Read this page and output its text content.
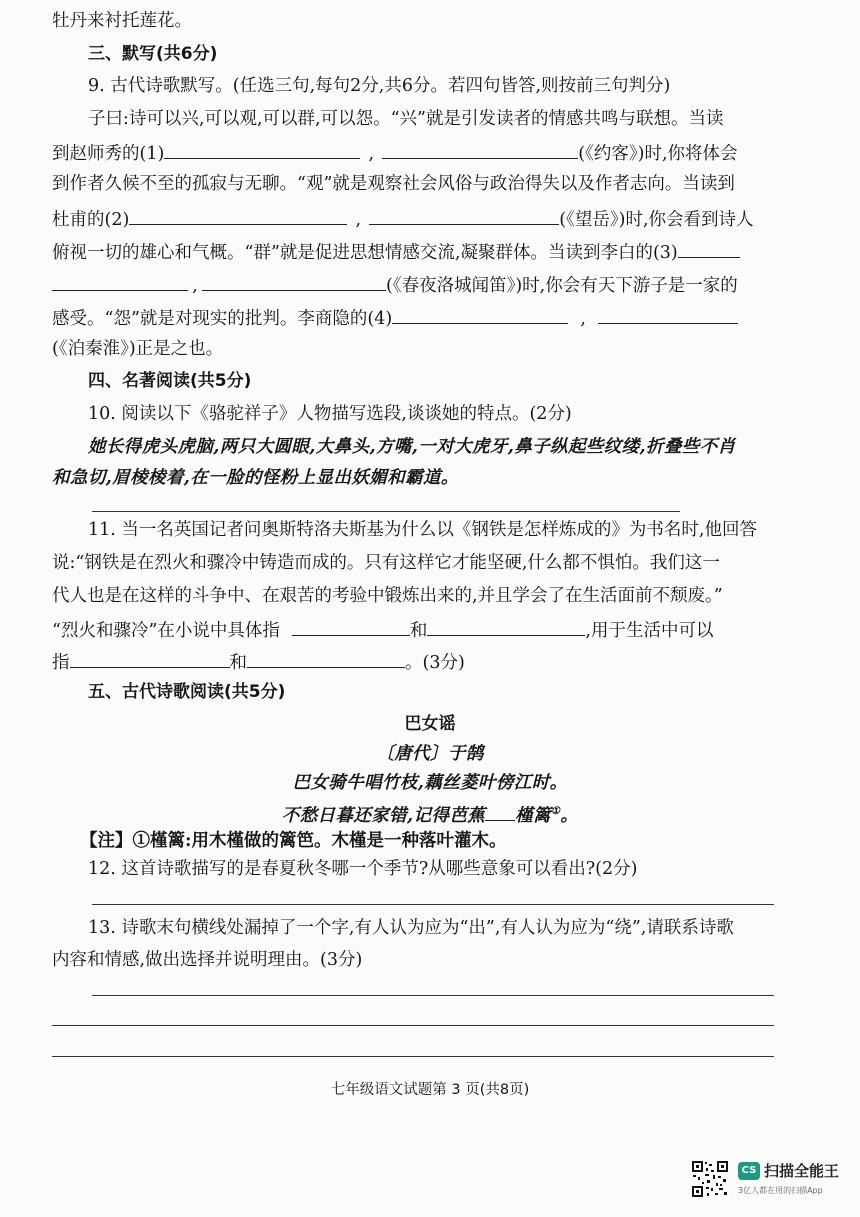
牡丹来衬托莲花。
三、默写(共6分)
9. 古代诗歌默写。(任选三句,每句2分,共6分。若四句皆答,则按前三句判分)
子曰:诗可以兴,可以观,可以群,可以怨。“兴”就是引发读者的情感共鸣与联想。当读
到赵师秀的(1)	,	(《约客》)时,你将体会
到作者久候不至的孤寂与无聊。“观”就是观察社会风俗与政治得失以及作者志向。当读到
杜甫的(2)	,	(《望岳》)时,你会看到诗人
俯视一切的雄心和气概。“群”就是促进思想情感交流,凝聚群体。当读到李白的(3)
,	(《春夜洛城闻笛》)时,你会有天下游子是一家的
感受。“怨”就是对现实的批判。李商隐的(4)	,
(《泊秦淮》)正是之也。
四、名著阅读(共5分)
10. 阅读以下《骆驼祥子》人物描写选段,谈谈她的特点。(2分)
她长得虎头虎脑,两只大圆眼,大鼻头,方嘴,一对大虎牙,鼻子纵起些纹缕,折叠些不肖
和急切,眉棱棱着,在一脸的怪粉上显出妖媚和霸道。
11. 当一名英国记者问奥斯特洛夫斯基为什么以《钢铁是怎样炼成的》为书名时,他回答
说:“钢铁是在烈火和骤冷中铸造而成的。只有这样它才能坚硬,什么都不惧怕。我们这一
代人也是在这样的斗争中、在艰苦的考验中锻炼出来的,并且学会了在生活面前不颓废。”
“烈火和骤冷”在小说中具体指	和	,用于生活中可以
指	和	。(3分)
五、古代诗歌阅读(共5分)
巴女谣
〔唐代〕于鹄
巴女骑牛唱竹枝,藕丝菱叶傍江时。
不愁日暮还家错,记得芭蕉 槿篱①。
【注】①槿篱:用木槿做的篱笆。木槿是一种落叶灌木。
12. 这首诗歌描写的是春夏秋冬哪一个季节?从哪些意象可以看出?(2分)
13. 诗歌末句横线处漏掉了一个字,有人认为应为“出”,有人认为应为“绕”,请联系诗歌
内容和情感,做出选择并说明理由。(3分)
七年级语文试题第 3 页(共8页)
CS 扫描全能王
3亿人都在用的扫描App
